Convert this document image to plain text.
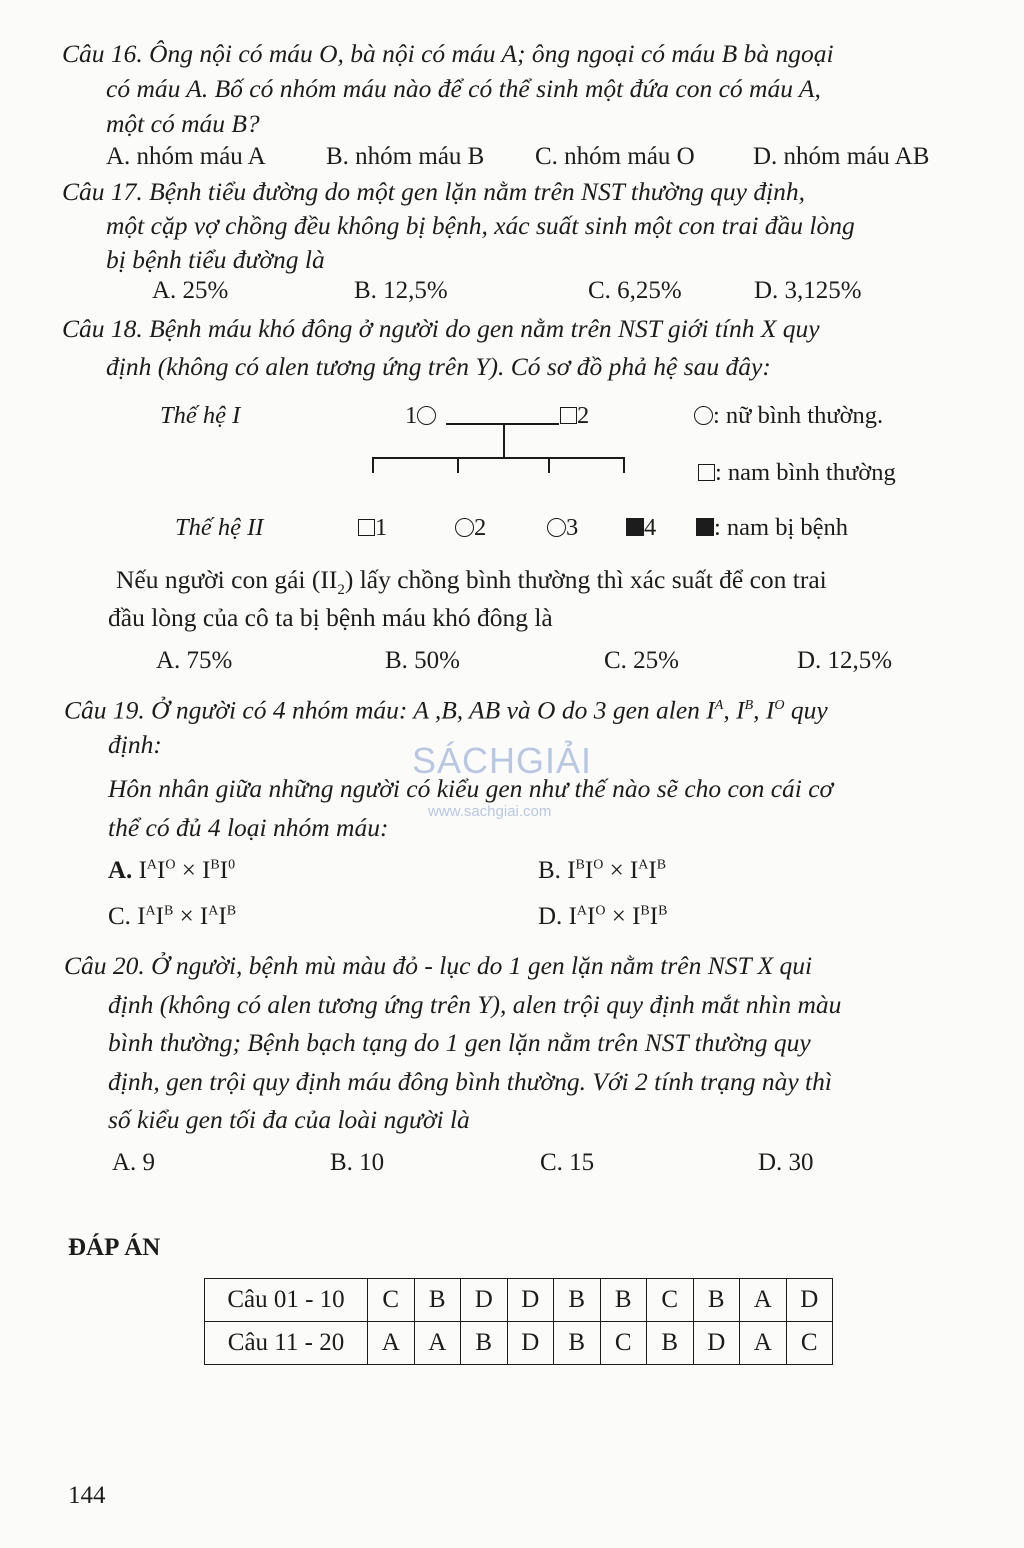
Câu 16. Ông nội có máu O, bà nội có máu A; ông ngoại có máu B bà ngoại
có máu A. Bố có nhóm máu nào để có thể sinh một đứa con có máu A,
một có máu B?
A. nhóm máu A B. nhóm máu B C. nhóm máu O D. nhóm máu AB
Câu 17. Bệnh tiểu đường do một gen lặn nằm trên NST thường quy định,
một cặp vợ chồng đều không bị bệnh, xác suất sinh một con trai đầu lòng
bị bệnh tiểu đường là
A. 25%	B. 12,5%	C. 6,25%	D. 3,125%
Câu 18. Bệnh máu khó đông ở người do gen nằm trên NST giới tính X quy
định (không có alen tương ứng trên Y). Có sơ đồ phả hệ sau đây:
Thế hệ I	1	2
Thế hệ II	1	2	3	4
: nữ bình thường.
: nam bình thường
: nam bị bệnh
Nếu người con gái $(II_2)$ lấy chồng bình thường thì xác suất để con trai
đầu lòng của cô ta bị bệnh máu khó đông là
A. 75%	B. 50%	C. 25%	D. 12,5%
SÁCHGIẢI
www.sachgiai.com
Câu 19. Ở người có 4 nhóm máu: A ,B, AB và O do 3 gen alen $I^A$, $I^B$, $I^O$ quy
định:
Hôn nhân giữa những người có kiểu gen như thế nào sẽ cho con cái cơ
thể có đủ 4 loại nhóm máu:
A. $I^AI^O \times I^BI^0$	B. $I^BI^O \times I^AI^B$
C. $I^AI^B \times I^AI^B$	D. $I^AI^O \times I^BI^B$
Câu 20. Ở người, bệnh mù màu đỏ - lục do 1 gen lặn nằm trên NST X qui
định (không có alen tương ứng trên Y), alen trội quy định mắt nhìn màu
bình thường; Bệnh bạch tạng do 1 gen lặn nằm trên NST thường quy
định, gen trội quy định máu đông bình thường. Với 2 tính trạng này thì
số kiểu gen tối đa của loài người là
A. 9	B. 10	C. 15	D. 30
ĐÁP ÁN
Câu 01 - 10	C	B	D	D	B	B	C	B	A	D
Câu 11 - 20	A	A	B	D	B	C	B	D	A	C
144
